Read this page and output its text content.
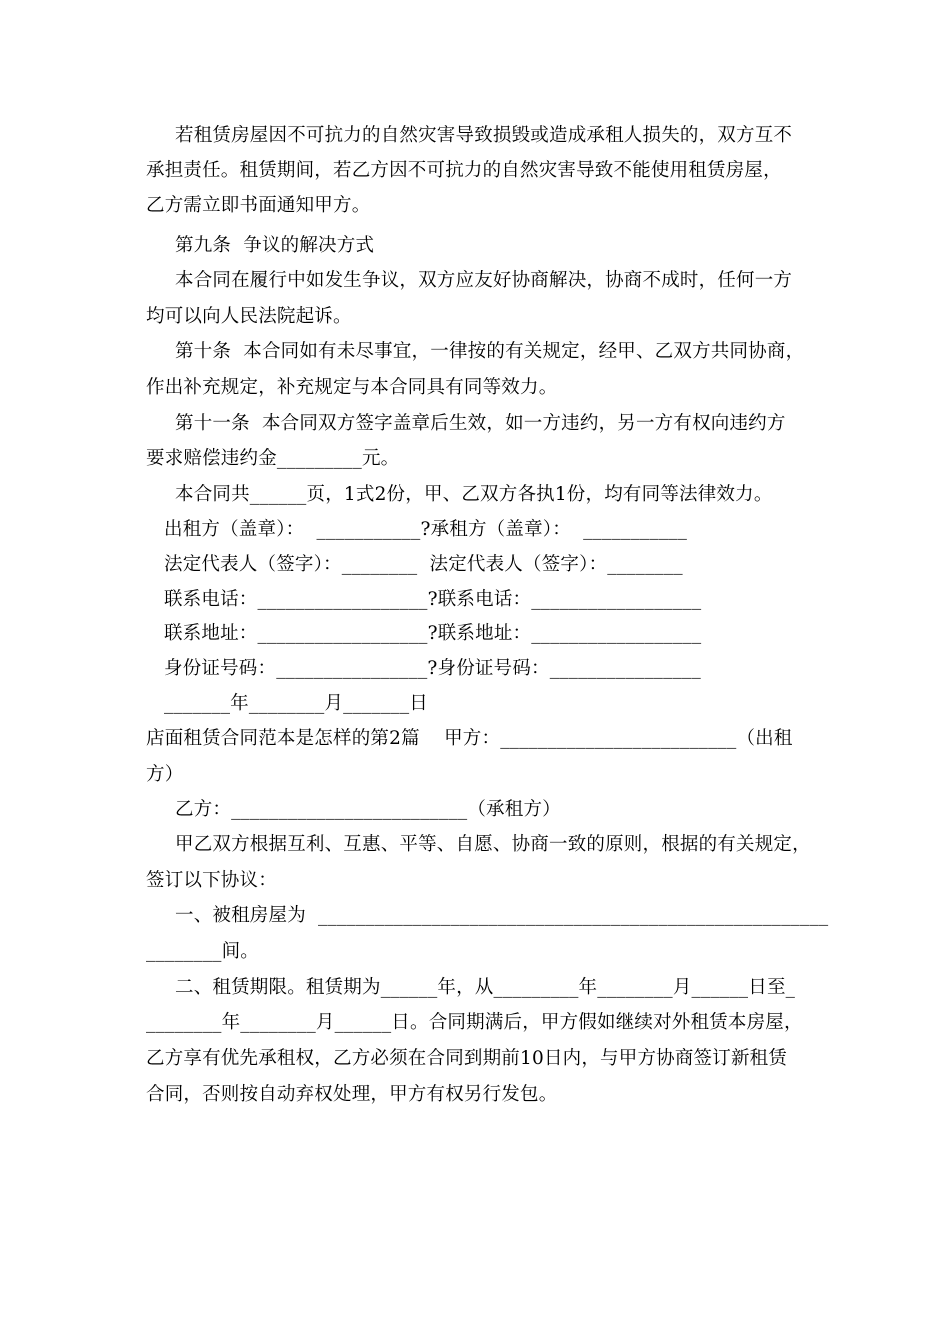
若租赁房屋因不可抗力的自然灾害导致损毁或造成承租人损失的，双方互不
承担责任。租赁期间，若乙方因不可抗力的自然灾害导致不能使用租赁房屋，
乙方需立即书面通知甲方。
第九条  争议的解决方式
本合同在履行中如发生争议，双方应友好协商解决，协商不成时，任何一方
均可以向人民法院起诉。
第十条  本合同如有未尽事宜，一律按的有关规定，经甲、乙双方共同协商，
作出补充规定，补充规定与本合同具有同等效力。
第十一条  本合同双方签字盖章后生效，如一方违约，另一方有权向违约方
要求赔偿违约金_________元。
本合同共______页，1式2份，甲、乙双方各执1份，均有同等法律效力。
出租方（盖章）：  ___________?承租方（盖章）：  ___________
法定代表人（签字）：________  法定代表人（签字）：________
联系电话：__________________?联系电话：__________________
联系地址：__________________?联系地址：__________________
身份证号码：________________?身份证号码：________________
_______年________月_______日
店面租赁合同范本是怎样的第2篇    甲方：_________________________（出租
方）
乙方：_________________________（承租方）
甲乙双方根据互利、互惠、平等、自愿、协商一致的原则，根据的有关规定，
签订以下协议：
一、被租房屋为  ______________________________________________________
________间。
二、租赁期限。租赁期为______年，从_________年________月______日至_
________年________月______日。合同期满后，甲方假如继续对外租赁本房屋，
乙方享有优先承租权，乙方必须在合同到期前10日内，与甲方协商签订新租赁
合同，否则按自动弃权处理，甲方有权另行发包。
